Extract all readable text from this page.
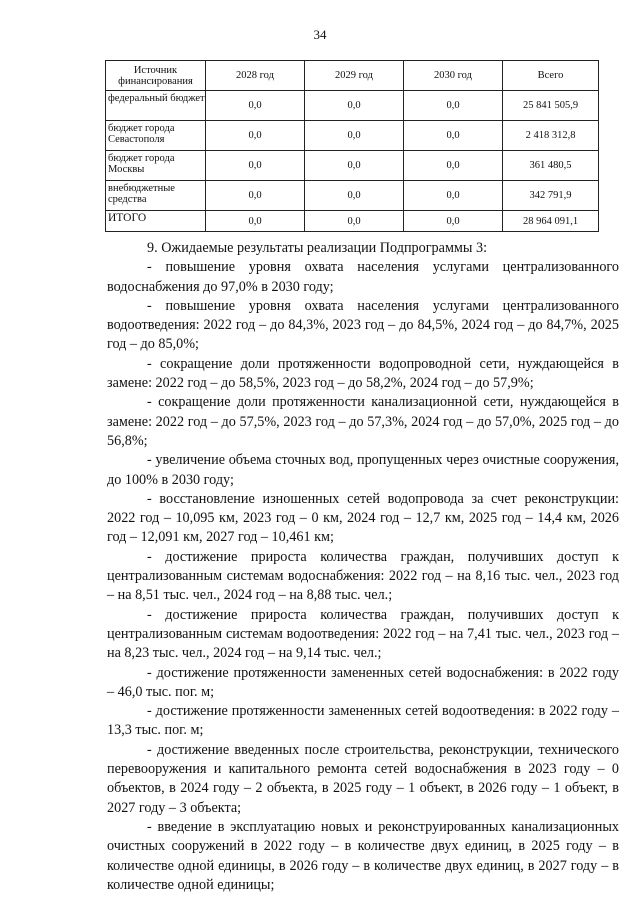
34
Источник финансирования	2028 год	2029 год	2030 год	Всего
федеральный бюджет	0,0	0,0	0,0	25 841 505,9
бюджет города Севастополя	0,0	0,0	0,0	2 418 312,8
бюджет города Москвы	0,0	0,0	0,0	361 480,5
внебюджетные средства	0,0	0,0	0,0	342 791,9
ИТОГО	0,0	0,0	0,0	28 964 091,1

9. Ожидаемые результаты реализации Подпрограммы 3:

- повышение уровня охвата населения услугами централизованного водоснабжения до 97,0% в 2030 году;

- повышение уровня охвата населения услугами централизованного водоотведения: 2022 год – до 84,3%, 2023 год – до 84,5%, 2024 год – до 84,7%, 2025 год – до 85,0%;

- сокращение доли протяженности водопроводной сети, нуждающейся в замене: 2022 год – до 58,5%, 2023 год – до 58,2%, 2024 год – до 57,9%;

- сокращение доли протяженности канализационной сети, нуждающейся в замене: 2022 год – до 57,5%, 2023 год – до 57,3%, 2024 год – до 57,0%, 2025 год – до 56,8%;

- увеличение объема сточных вод, пропущенных через очистные сооружения, до 100% в 2030 году;

- восстановление изношенных сетей водопровода за счет реконструкции: 2022 год – 10,095 км, 2023 год – 0 км, 2024 год – 12,7 км, 2025 год – 14,4 км, 2026 год – 12,091 км, 2027 год – 10,461 км;

- достижение прироста количества граждан, получивших доступ к централизованным системам водоснабжения: 2022 год – на 8,16 тыс. чел., 2023 год – на 8,51 тыс. чел., 2024 год – на 8,88 тыс. чел.;

- достижение прироста количества граждан, получивших доступ к централизованным системам водоотведения: 2022 год – на 7,41 тыс. чел., 2023 год – на 8,23 тыс. чел., 2024 год – на 9,14 тыс. чел.;

- достижение протяженности замененных сетей водоснабжения: в 2022 году – 46,0 тыс. пог. м;

- достижение протяженности замененных сетей водоотведения: в 2022 году – 13,3 тыс. пог. м;

- достижение введенных после строительства, реконструкции, технического перевооружения и капитального ремонта сетей водоснабжения в 2023 году – 0 объектов, в 2024 году – 2 объекта, в 2025 году – 1 объект, в 2026 году – 1 объект, в 2027 году – 3 объекта;

- введение в эксплуатацию новых и реконструированных канализационных очистных сооружений в 2022 году – в количестве двух единиц, в 2025 году – в количестве одной единицы, в 2026 году – в количестве двух единиц, в 2027 году – в количестве одной единицы;
